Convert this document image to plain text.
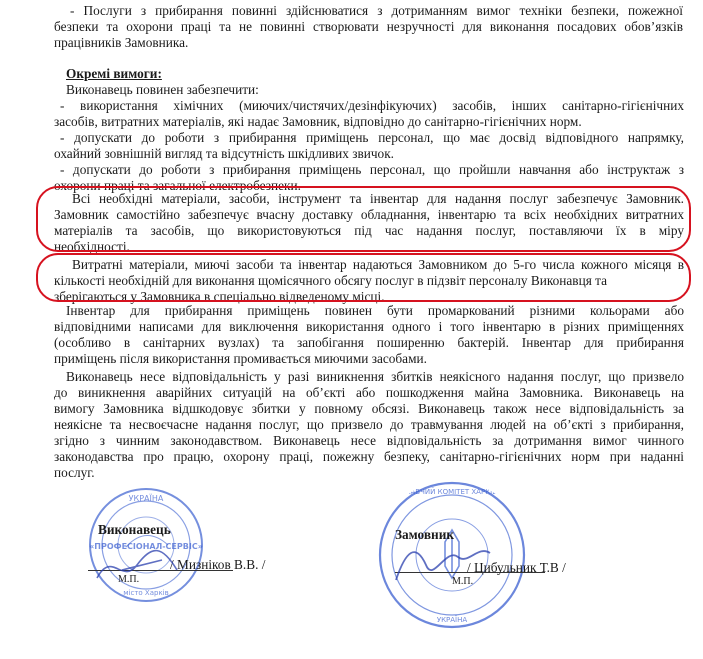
- Послуги з прибирання повинні здійснюватися з дотриманням вимог техніки безпеки, пожежної
безпеки та охорони праці та не повинні створювати незручності для виконання посадових обов’язків
працівників Замовника.
Окремі вимоги:
Виконавець повинен забезпечити:
- використання хімічних (миючих/чистячих/дезінфікуючих) засобів, інших санітарно-гігієнічних
засобів, витратних матеріалів, які надає Замовник, відповідно до санітарно-гігієнічних норм.
- допускати до роботи з прибирання приміщень персонал, що має досвід відповідного напрямку,
охайний зовнішній вигляд та відсутність шкідливих звичок.
- допускати до роботи з прибирання приміщень персонал, що пройшли навчання або інструктаж з
охорони праці та загальної електробезпеки.
Всі необхідні матеріали, засоби, інструмент та інвентар для надання послуг забезпечує Замовник.
Замовник самостійно забезпечує вчасну доставку обладнання, інвентарю та всіх необхідних витратних
матеріалів та засобів, що використовуються під час надання послуг, поставляючи їх в міру
необхідності.
Витратні матеріали, миючі засоби та інвентар надаються Замовником до 5-го числа кожного місяця в
кількості необхідній для виконання щомісячного обсягу послуг в підзвіт персоналу Виконавця та
зберігаються у Замовника в спеціально відведеному місці.
Інвентар для прибирання приміщень повинен бути промаркований різними кольорами або
відповідними написами для виключення використання одного і того інвентарю в різних приміщеннях
(особливо в санітарних вузлах) та запобігання поширенню бактерій. Інвентар для прибирання
приміщень після використання промивається миючими засобами.
Виконавець несе відповідальність у разі виникнення збитків неякісного надання послуг, що призвело
до виникнення аварійних ситуацій на об’єкті або пошкодження майна Замовника. Виконавець на
вимогу Замовника відшкодовує збитки у повному обсязі. Виконавець також несе відповідальність за
неякісне та несвоєчасне надання послуг, що призвело до травмування людей на об’єкті з прибирання,
згідно з чинним законодавством. Виконавець несе відповідальність за дотримання вимог чинного
законодавства про працю, охорону праці, пожежну безпеку, санітарно-гігієнічних норм при наданні
послуг.
УКРАЇНА
«ПРОФЕСІОНАЛ-СЕРВІС»
місто Харків
Виконавець
/ Мизніков В.В. /
М.П.
ВИКОНАВЧИЙ КОМІТЕТ ХАРКІВСЬКОЇ
УКРАЇНА
Замовник
/ Цибульник Т.В /
М.П.
